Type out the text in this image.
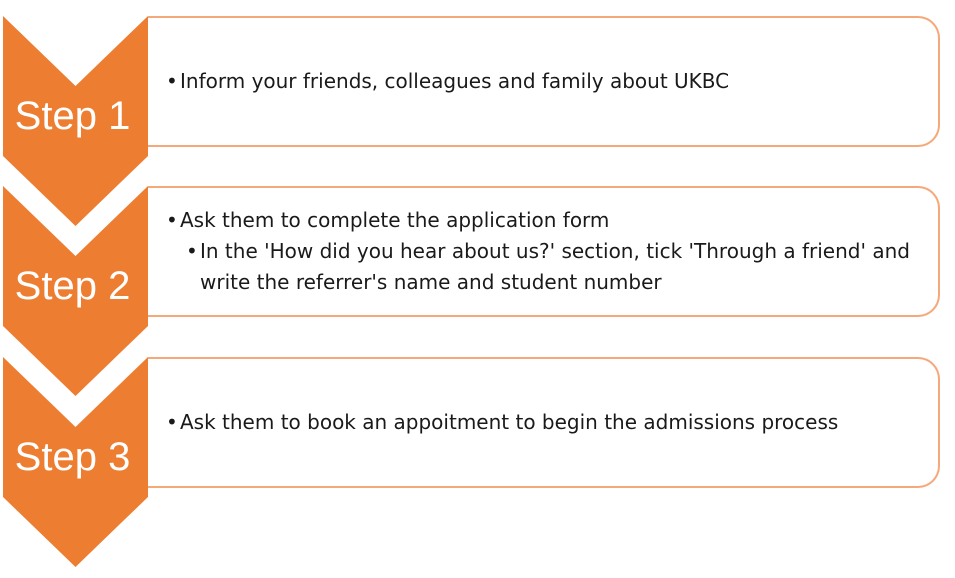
• Inform your friends, colleagues and family about UKBC
Step 1
• Ask them to complete the application form
• In the 'How did you hear about us?' section, tick 'Through a friend' and write the referrer's name and student number
Step 2
• Ask them to book an appoitment to begin the admissions process
Step 3
